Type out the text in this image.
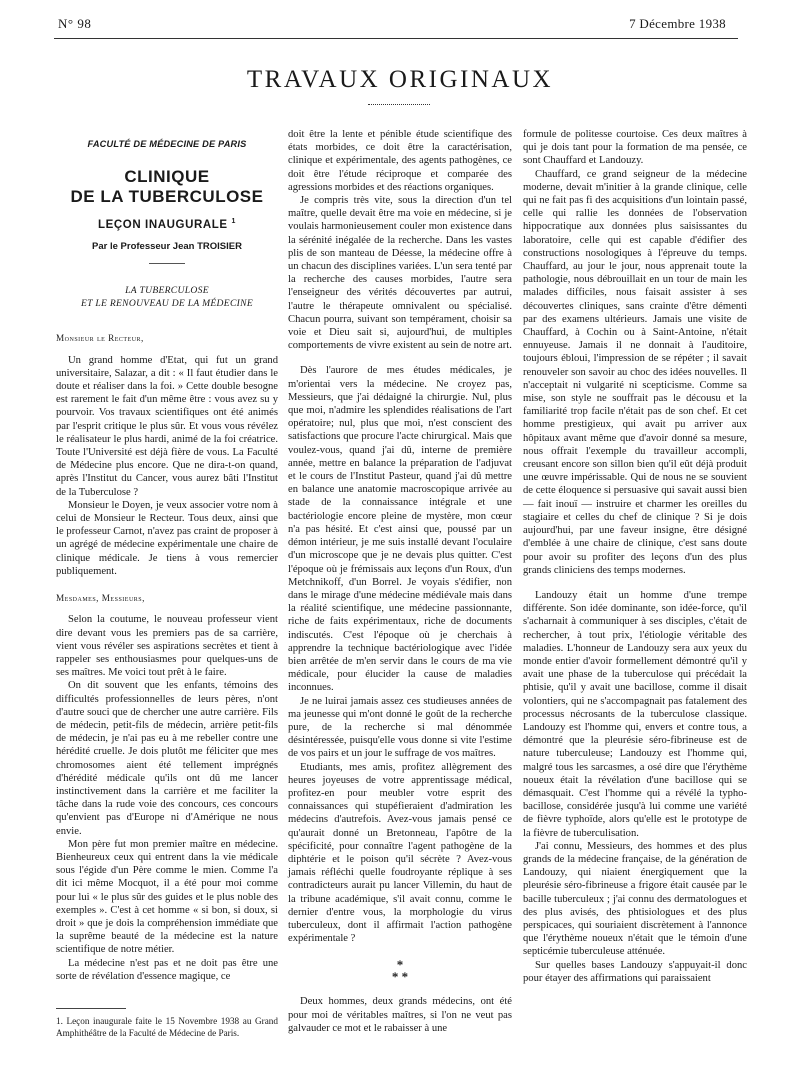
N° 98	7 Décembre 1938
TRAVAUX ORIGINAUX
FACULTÉ DE MÉDECINE DE PARIS
CLINIQUE
DE LA TUBERCULOSE
LEÇON INAUGURALE $^1$
Par le Professeur Jean TROISIER
LA TUBERCULOSE
ET LE RENOUVEAU DE LA MÉDECINE
Monsieur le Recteur,

Un grand homme d'Etat, qui fut un grand universitaire, Salazar, a dit : « Il faut étudier dans le doute et réaliser dans la foi. » Cette double besogne est rarement le fait d'un même être : vous avez su y pourvoir. Vos travaux scientifiques ont été animés par l'esprit critique le plus sûr. Et vous vous révélez le réalisateur le plus hardi, animé de la foi créatrice. Toute l'Université est déjà fière de vous. La Faculté de Médecine plus encore. Que ne dira-t-on quand, après l'Institut du Cancer, vous aurez bâti l'Institut de la Tuberculose ?

Monsieur le Doyen, je veux associer votre nom à celui de Monsieur le Recteur. Tous deux, ainsi que le professeur Carnot, n'avez pas craint de proposer à un agrégé de médecine expérimentale une chaire de clinique médicale. Je tiens à vous remercier publiquement.

Mesdames, Messieurs,

Selon la coutume, le nouveau professeur vient dire devant vous les premiers pas de sa carrière, vient vous révéler ses aspirations secrètes et tient à rappeler ses enthousiasmes pour quelques-uns de ses maîtres. Me voici tout prêt à le faire.

On dit souvent que les enfants, témoins des difficultés professionnelles de leurs pères, n'ont d'autre souci que de chercher une autre carrière. Fils de médecin, petit-fils de médecin, arrière petit-fils de médecin, je n'ai pas eu à me rebeller contre une hérédité cruelle. Je dois plutôt me féliciter que mes chromosomes aient été tellement imprégnés d'hérédité médicale qu'ils ont dû me lancer instinctivement dans la carrière et me faciliter la tâche dans la rude voie des concours, ces concours qu'envient pas d'Europe ni d'Amérique ne nous envie.

Mon père fut mon premier maître en médecine. Bienheureux ceux qui entrent dans la vie médicale sous l'égide d'un Père comme le mien. Comme l'a dit ici même Mocquot, il a été pour moi comme pour lui « le plus sûr des guides et le plus noble des exemples ». C'est à cet homme « si bon, si doux, si droit » que je dois la compréhension immédiate que la suprême beauté de la médecine est la nature scientifique de notre métier.

La médecine n'est pas et ne doit pas être une sorte de révélation d'essence magique, ce

1. Leçon inaugurale faite le 15 Novembre 1938 au Grand Amphithéâtre de la Faculté de Médecine de Paris.

doit être la lente et pénible étude scientifique des états morbides, ce doit être la caractérisation, clinique et expérimentale, des agents pathogènes, ce doit être l'étude réciproque et comparée des agressions morbides et des réactions organiques.

Je compris très vite, sous la direction d'un tel maître, quelle devait être ma voie en médecine, si je voulais harmonieusement couler mon existence dans la sérénité inégalée de la recherche. Dans les vastes plis de son manteau de Déesse, la médecine offre à un chacun des disciplines variées. L'un sera tenté par la recherche des causes morbides, l'autre sera l'enseigneur des vérités découvertes par autrui, l'autre le thérapeute omnivalent ou spécialisé. Chacun pourra, suivant son tempérament, choisir sa voie et Dieu sait si, aujourd'hui, de multiples comportements de vivre existent au sein de notre art.

Dès l'aurore de mes études médicales, je m'orientai vers la médecine. Ne croyez pas, Messieurs, que j'ai dédaigné la chirurgie. Nul, plus que moi, n'admire les splendides réalisations de l'art opératoire; nul, plus que moi, n'est conscient des satisfactions que procure l'acte chirurgical. Mais que voulez-vous, quand j'ai dû, interne de première année, mettre en balance la préparation de l'adjuvat et le cours de l'Institut Pasteur, quand j'ai dû mettre en balance une anatomie macroscopique arrivée au stade de la connaissance intégrale et une bactériologie encore pleine de mystère, mon cœur n'a pas hésité. Et c'est ainsi que, poussé par un démon intérieur, je me suis installé devant l'oculaire d'un microscope que je ne devais plus quitter. C'est l'époque où je frémissais aux leçons d'un Roux, d'un Metchnikoff, d'un Borrel. Je voyais s'édifier, non dans le mirage d'une médecine médiévale mais dans la réalité scientifique, une médecine passionnante, riche de faits expérimentaux, riche de documents indiscutés. C'est l'époque où je cherchais à apprendre la technique bactériologique avec l'idée bien arrêtée de m'en servir dans le cours de ma vie médicale, pour élucider la cause de maladies inconnues.

Je ne luirai jamais assez ces studieuses années de ma jeunesse qui m'ont donné le goût de la recherche pure, de la recherche si mal dénommée désintéressée, puisqu'elle vous donne si vite l'estime de vos pairs et un jour le suffrage de vos maîtres.

Etudiants, mes amis, profitez allègrement des heures joyeuses de votre apprentissage médical, profitez-en pour meubler votre esprit des connaissances qui stupéfieraient d'admiration les médecins d'autrefois. Avez-vous jamais pensé ce qu'aurait donné un Bretonneau, l'apôtre de la spécificité, pour connaître l'agent pathogène de la diphtérie et le poison qu'il sécrète ? Avez-vous jamais réfléchi quelle foudroyante réplique à ses contradicteurs aurait pu lancer Villemin, du haut de la tribune académique, s'il avait connu, comme le dernier d'entre vous, la morphologie du virus tuberculeux, dont il affirmait l'action pathogène expérimentale ?

*
* *

Deux hommes, deux grands médecins, ont été pour moi de véritables maîtres, si l'on ne veut pas galvauder ce mot et le rabaisser à une

formule de politesse courtoise. Ces deux maîtres à qui je dois tant pour la formation de ma pensée, ce sont Chauffard et Landouzy.

Chauffard, ce grand seigneur de la médecine moderne, devait m'initier à la grande clinique, celle qui ne fait pas fi des acquisitions d'un lointain passé, celle qui rallie les données de l'observation hippocratique aux données plus saisissantes du laboratoire, celle qui est capable d'édifier des constructions nosologiques à l'épreuve du temps. Chauffard, au jour le jour, nous apprenait toute la pathologie, nous débrouillait en un tour de main les malades difficiles, nous faisait assister à ses découvertes cliniques, sans crainte d'être démenti par des examens ultérieurs. Jamais une visite de Chauffard, à Cochin ou à Saint-Antoine, n'était ennuyeuse. Jamais il ne donnait à l'auditoire, toujours ébloui, l'impression de se répéter ; il savait renouveler son savoir au choc des idées nouvelles. Il n'acceptait ni vulgarité ni scepticisme. Comme sa mise, son style ne souffrait pas le décousu et la familiarité trop facile n'était pas de son chef. Et cet homme prestigieux, qui avait pu arriver aux hôpitaux avant même que d'avoir donné sa mesure, nous offrait l'exemple du travailleur accompli, creusant encore son sillon bien qu'il eût déjà produit une œuvre impérissable. Qui de nous ne se souvient de cette éloquence si persuasive qui savait aussi bien — fait inouï — instruire et charmer les oreilles du stagiaire et celles du chef de clinique ? Si je dois aujourd'hui, par une faveur insigne, être désigné d'emblée à une chaire de clinique, c'est sans doute pour avoir su profiter des leçons d'un des plus grands cliniciens des temps modernes.

Landouzy était un homme d'une trempe différente. Son idée dominante, son idée-force, qu'il s'acharnait à communiquer à ses disciples, c'était de rechercher, à tout prix, l'étiologie véritable des maladies. L'honneur de Landouzy sera aux yeux du monde entier d'avoir formellement démontré qu'il y avait une phase de la tuberculose qui précédait la phtisie, qu'il y avait une bacillose, comme il disait volontiers, qui ne s'accompagnait pas fatalement des processus nécrosants de la tuberculose classique. Landouzy est l'homme qui, envers et contre tous, a démontré que la pleurésie séro-fibrineuse est de nature tuberculeuse; Landouzy est l'homme qui, malgré tous les sarcasmes, a osé dire que l'érythème noueux était la révélation d'une bacillose qui se démasquait. C'est l'homme qui a révélé la typho-bacillose, considérée jusqu'à lui comme une variété de fièvre typhoïde, alors qu'elle est le prototype de la fièvre de tuberculisation.

J'ai connu, Messieurs, des hommes et des plus grands de la médecine française, de la génération de Landouzy, qui niaient énergiquement que la pleurésie séro-fibrineuse a frigore était causée par le bacille tuberculeux ; j'ai connu des dermatologues et des plus avisés, des phtisiologues et des plus perspicaces, qui souriaient discrètement à l'annonce que l'érythème noueux n'était que le témoin d'une septicémie tuberculeuse atténuée.

Sur quelles bases Landouzy s'appuyait-il donc pour étayer des affirmations qui paraissaient
